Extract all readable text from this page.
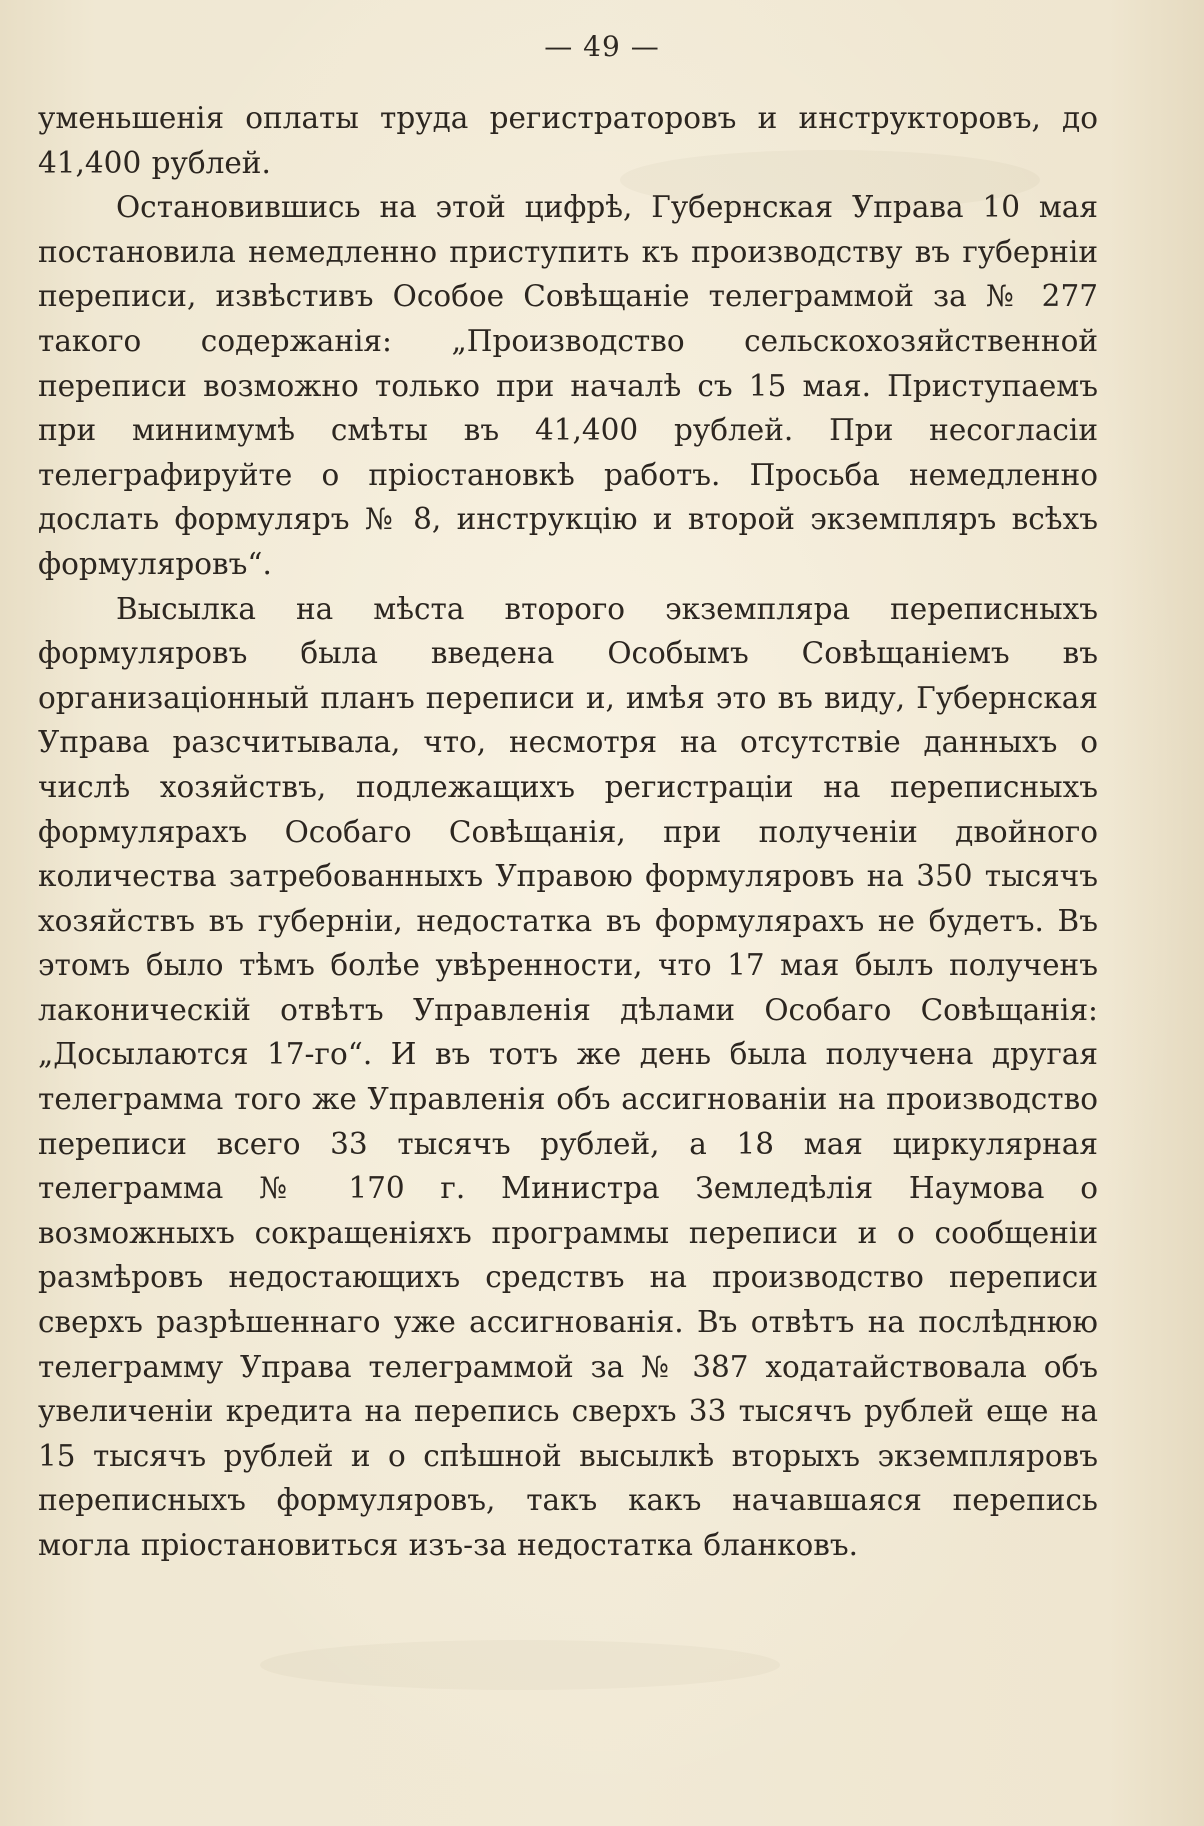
— 49 —

уменьшенія оплаты труда регистраторовъ и инструкторовъ, до 41,400 рублей.

Остановившись на этой цифрѣ, Губернская Управа 10 мая постановила немедленно приступить къ производству въ губерніи переписи, извѣстивъ Особое Совѣщаніе телеграммой за № 277 такого содержанія: „Производство сельскохозяйственной переписи возможно только при началѣ съ 15 мая. Приступаемъ при минимумѣ смѣты въ 41,400 рублей. При несогласіи телеграфируйте о пріостановкѣ работъ. Просьба немедленно дослать формуляръ № 8, инструкцію и второй экземпляръ всѣхъ формуляровъ“.

Высылка на мѣста второго экземпляра переписныхъ формуляровъ была введена Особымъ Совѣщаніемъ въ организаціонный планъ переписи и, имѣя это въ виду, Губернская Управа разсчитывала, что, несмотря на отсутствіе данныхъ о числѣ хозяйствъ, подлежащихъ регистраціи на переписныхъ формулярахъ Особаго Совѣщанія, при полученіи двойного количества затребованныхъ Управою формуляровъ на 350 тысячъ хозяйствъ въ губерніи, недостатка въ формулярахъ не будетъ. Въ этомъ было тѣмъ болѣе увѣренности, что 17 мая былъ полученъ лаконическій отвѣтъ Управленія дѣлами Особаго Совѣщанія: „Досылаются 17-го“. И въ тотъ же день была получена другая телеграмма того же Управленія объ ассигнованіи на производство переписи всего 33 тысячъ рублей, а 18 мая циркулярная телеграмма № 170 г. Министра Земледѣлія Наумова о возможныхъ сокращеніяхъ программы переписи и о сообщеніи размѣровъ недостающихъ средствъ на производство переписи сверхъ разрѣшеннаго уже ассигнованія. Въ отвѣтъ на послѣднюю телеграмму Управа телеграммой за № 387 ходатайствовала объ увеличеніи кредита на перепись сверхъ 33 тысячъ рублей еще на 15 тысячъ рублей и о спѣшной высылкѣ вторыхъ экземпляровъ переписныхъ формуляровъ, такъ какъ начавшаяся перепись могла пріостановиться изъ-за недостатка бланковъ.
